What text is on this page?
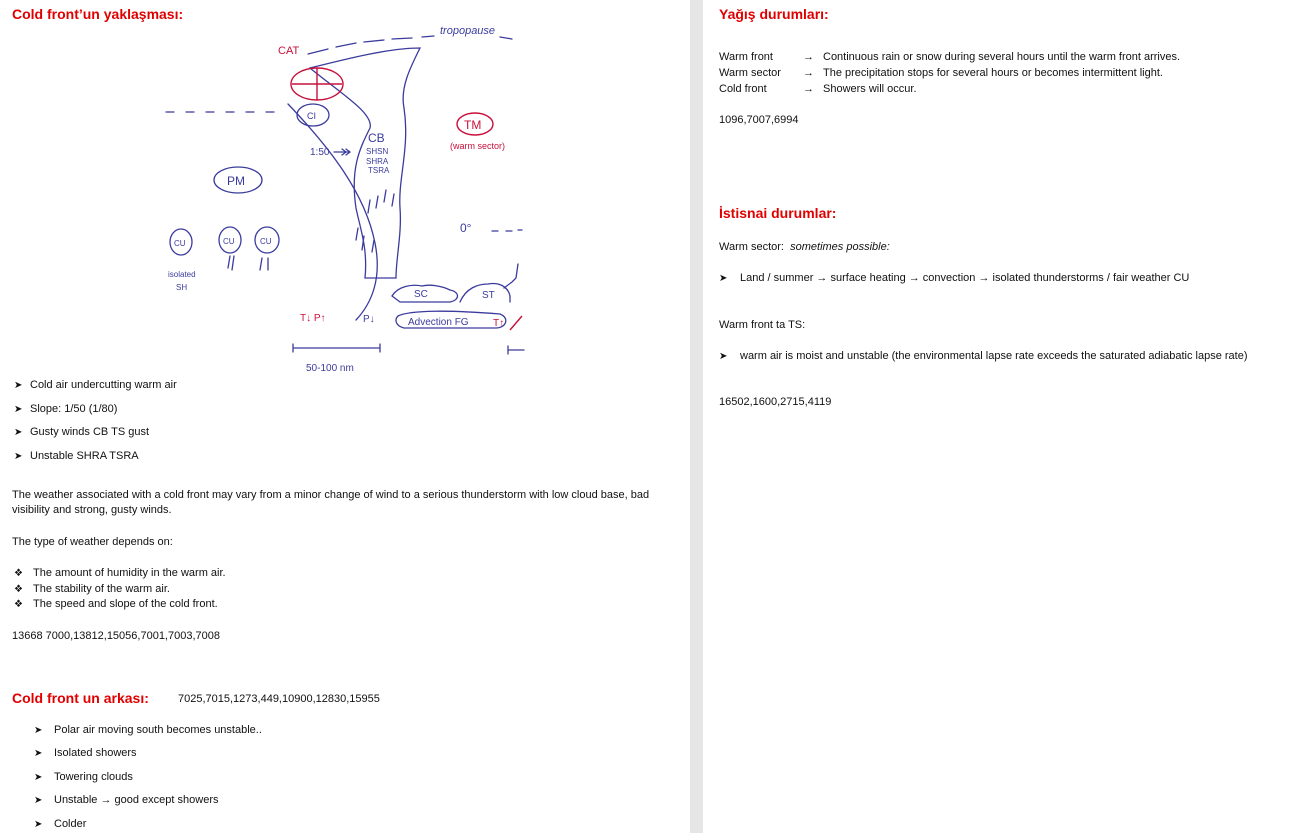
Cold front’un yaklaşması:
tropopause
CAT
CI
CB
SHSN
SHRA
TSRA
1:50
TM
(warm sector)
PM
0°
CU	CU	CU
isolated
SH
SC	ST
T↓ P↑	P↓	Advection FG T↑
50-100 nm
➤ Cold air undercutting warm air
➤ Slope: 1/50 (1/80)
➤ Gusty winds CB TS gust
➤ Unstable SHRA TSRA
The weather associated with a cold front may vary from a minor change of wind to a serious thunderstorm with low cloud base, bad visibility and strong, gusty winds.
The type of weather depends on:
❖ The amount of humidity in the warm air.
❖ The stability of the warm air.
❖ The speed and slope of the cold front.
13668 7000,13812,15056,7001,7003,7008
Cold front un arkası:	7025,7015,1273,449,10900,12830,15955
➤ Polar air moving south becomes unstable..
➤ Isolated showers
➤ Towering clouds
➤ Unstable → good except showers
➤ Colder
Yağış durumları:
Warm front	→ Continuous rain or snow during several hours until the warm front arrives.
Warm sector → The precipitation stops for several hours or becomes intermittent light.
Cold front	→ Showers will occur.
1096,7007,6994
İstisnai durumlar:
Warm sector: sometimes possible:
➤ Land / summer → surface heating → convection → isolated thunderstorms / fair weather CU
Warm front ta TS:
➤ warm air is moist and unstable (the environmental lapse rate exceeds the saturated adiabatic lapse rate)
16502,1600,2715,4119
